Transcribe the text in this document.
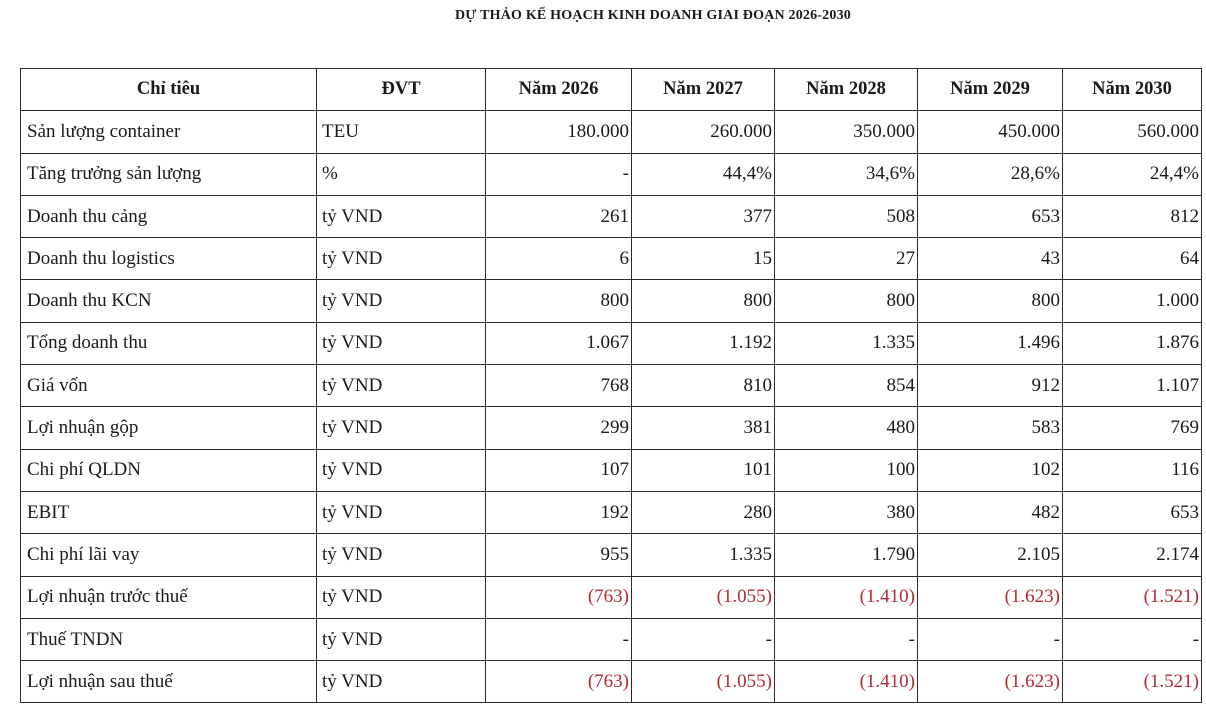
DỰ THẢO KẾ HOẠCH KINH DOANH GIAI ĐOẠN 2026-2030
Chỉ tiêu	ĐVT	Năm 2026	Năm 2027	Năm 2028	Năm 2029	Năm 2030
Sản lượng container	TEU	180.000	260.000	350.000	450.000	560.000
Tăng trưởng sản lượng	%	-	44,4%	34,6%	28,6%	24,4%
Doanh thu cảng	tỷ VND	261	377	508	653	812
Doanh thu logistics	tỷ VND	6	15	27	43	64
Doanh thu KCN	tỷ VND	800	800	800	800	1.000
Tổng doanh thu	tỷ VND	1.067	1.192	1.335	1.496	1.876
Giá vốn	tỷ VND	768	810	854	912	1.107
Lợi nhuận gộp	tỷ VND	299	381	480	583	769
Chi phí QLDN	tỷ VND	107	101	100	102	116
EBIT	tỷ VND	192	280	380	482	653
Chi phí lãi vay	tỷ VND	955	1.335	1.790	2.105	2.174
Lợi nhuận trước thuế	tỷ VND	(763)	(1.055)	(1.410)	(1.623)	(1.521)
Thuế TNDN	tỷ VND	-	-	-	-	-
Lợi nhuận sau thuế	tỷ VND	(763)	(1.055)	(1.410)	(1.623)	(1.521)
